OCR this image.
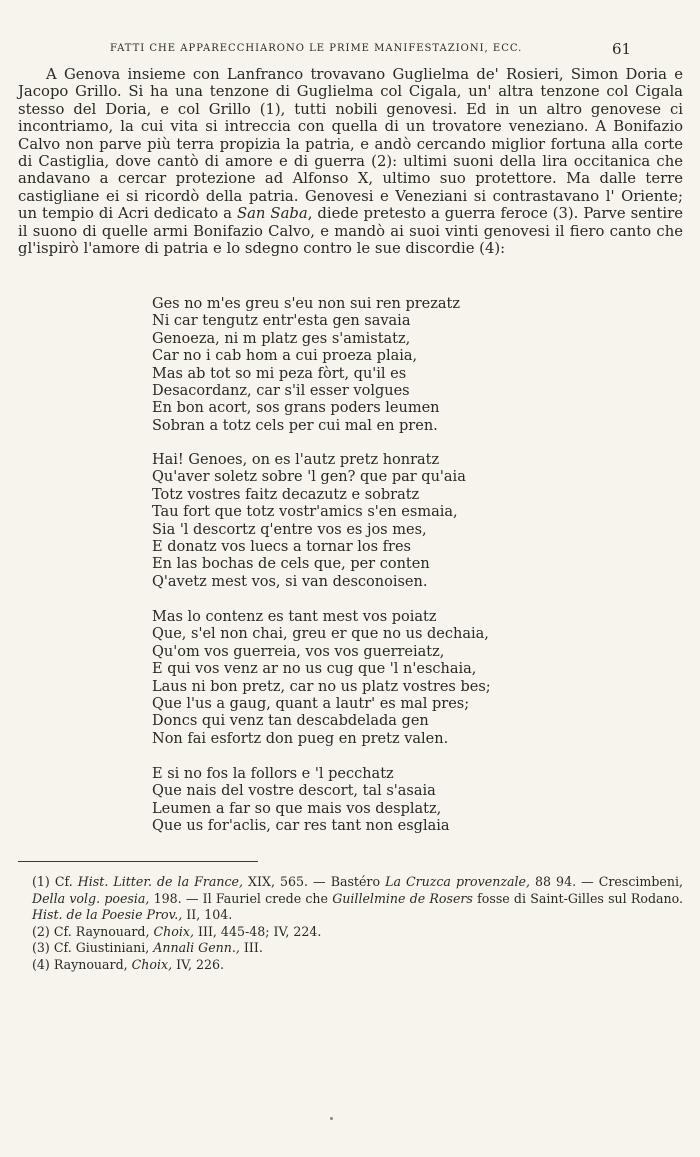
FATTI CHE APPARECCHIARONO LE PRIME MANIFESTAZIONI, ECC.	61

A Genova insieme con Lanfranco trovavano Guglielma de' Rosieri, Simon Doria e Jacopo Grillo. Si ha una tenzone di Guglielma col Cigala, un' altra tenzone col Cigala stesso del Doria, e col Grillo (1), tutti nobili genovesi. Ed in un altro genovese ci incontriamo, la cui vita si intreccia con quella di un trovatore veneziano. A Bonifazio Calvo non parve più terra propizia la patria, e andò cercando miglior fortuna alla corte di Castiglia, dove cantò di amore e di guerra (2): ultimi suoni della lira occitanica che andavano a cercar protezione ad Alfonso X, ultimo suo protettore. Ma dalle terre castigliane ei si ricordò della patria. Genovesi e Veneziani si contrastavano l' Oriente; un tempio di Acri dedicato a San Saba, diede pretesto a guerra feroce (3). Parve sentire il suono di quelle armi Bonifazio Calvo, e mandò ai suoi vinti genovesi il fiero canto che gl'ispirò l'amore di patria e lo sdegno contro le sue discordie (4):

Ges no m'es greu s'eu non sui ren prezatz
Ni car tengutz entr'esta gen savaia
Genoeza, ni m platz ges s'amistatz,
Car no i cab hom a cui proeza plaia,
Mas ab tot so mi peza fòrt, qu'il es
Desacordanz, car s'il esser volgues
En bon acort, sos grans poders leumen
Sobran a totz cels per cui mal en pren.
Hai! Genoes, on es l'autz pretz honratz
Qu'aver soletz sobre 'l gen? que par qu'aia
Totz vostres faitz decazutz e sobratz
Tau fort que totz vostr'amics s'en esmaia,
Sia 'l descortz q'entre vos es jos mes,
E donatz vos luecs a tornar los fres
En las bochas de cels que, per conten
Q'avetz mest vos, si van desconoisen.
Mas lo contenz es tant mest vos poiatz
Que, s'el non chai, greu er que no us dechaia,
Qu'om vos guerreia, vos vos guerreiatz,
E qui vos venz ar no us cug que 'l n'eschaia,
Laus ni bon pretz, car no us platz vostres bes;
Que l'us a gaug, quant a lautr' es mal pres;
Doncs qui venz tan descabdelada gen
Non fai esfortz don pueg en pretz valen.
E si no fos la follors e 'l pecchatz
Que nais del vostre descort, tal s'asaia
Leumen a far so que mais vos desplatz,
Que us for'aclis, car res tant non esglaia
(1) Cf. Hist. Litter. de la France, XIX, 565. — Bastéro La Cruzca provenzale, 88 94. — Crescimbeni, Della volg. poesia, 198. — Il Fauriel crede che Guillelmine de Rosers fosse di Saint-Gilles sul Rodano. Hist. de la Poesie Prov., II, 104.
(2) Cf. Raynouard, Choix, III, 445-48; IV, 224.
(3) Cf. Giustiniani, Annali Genn., III.
(4) Raynouard, Choix, IV, 226.
